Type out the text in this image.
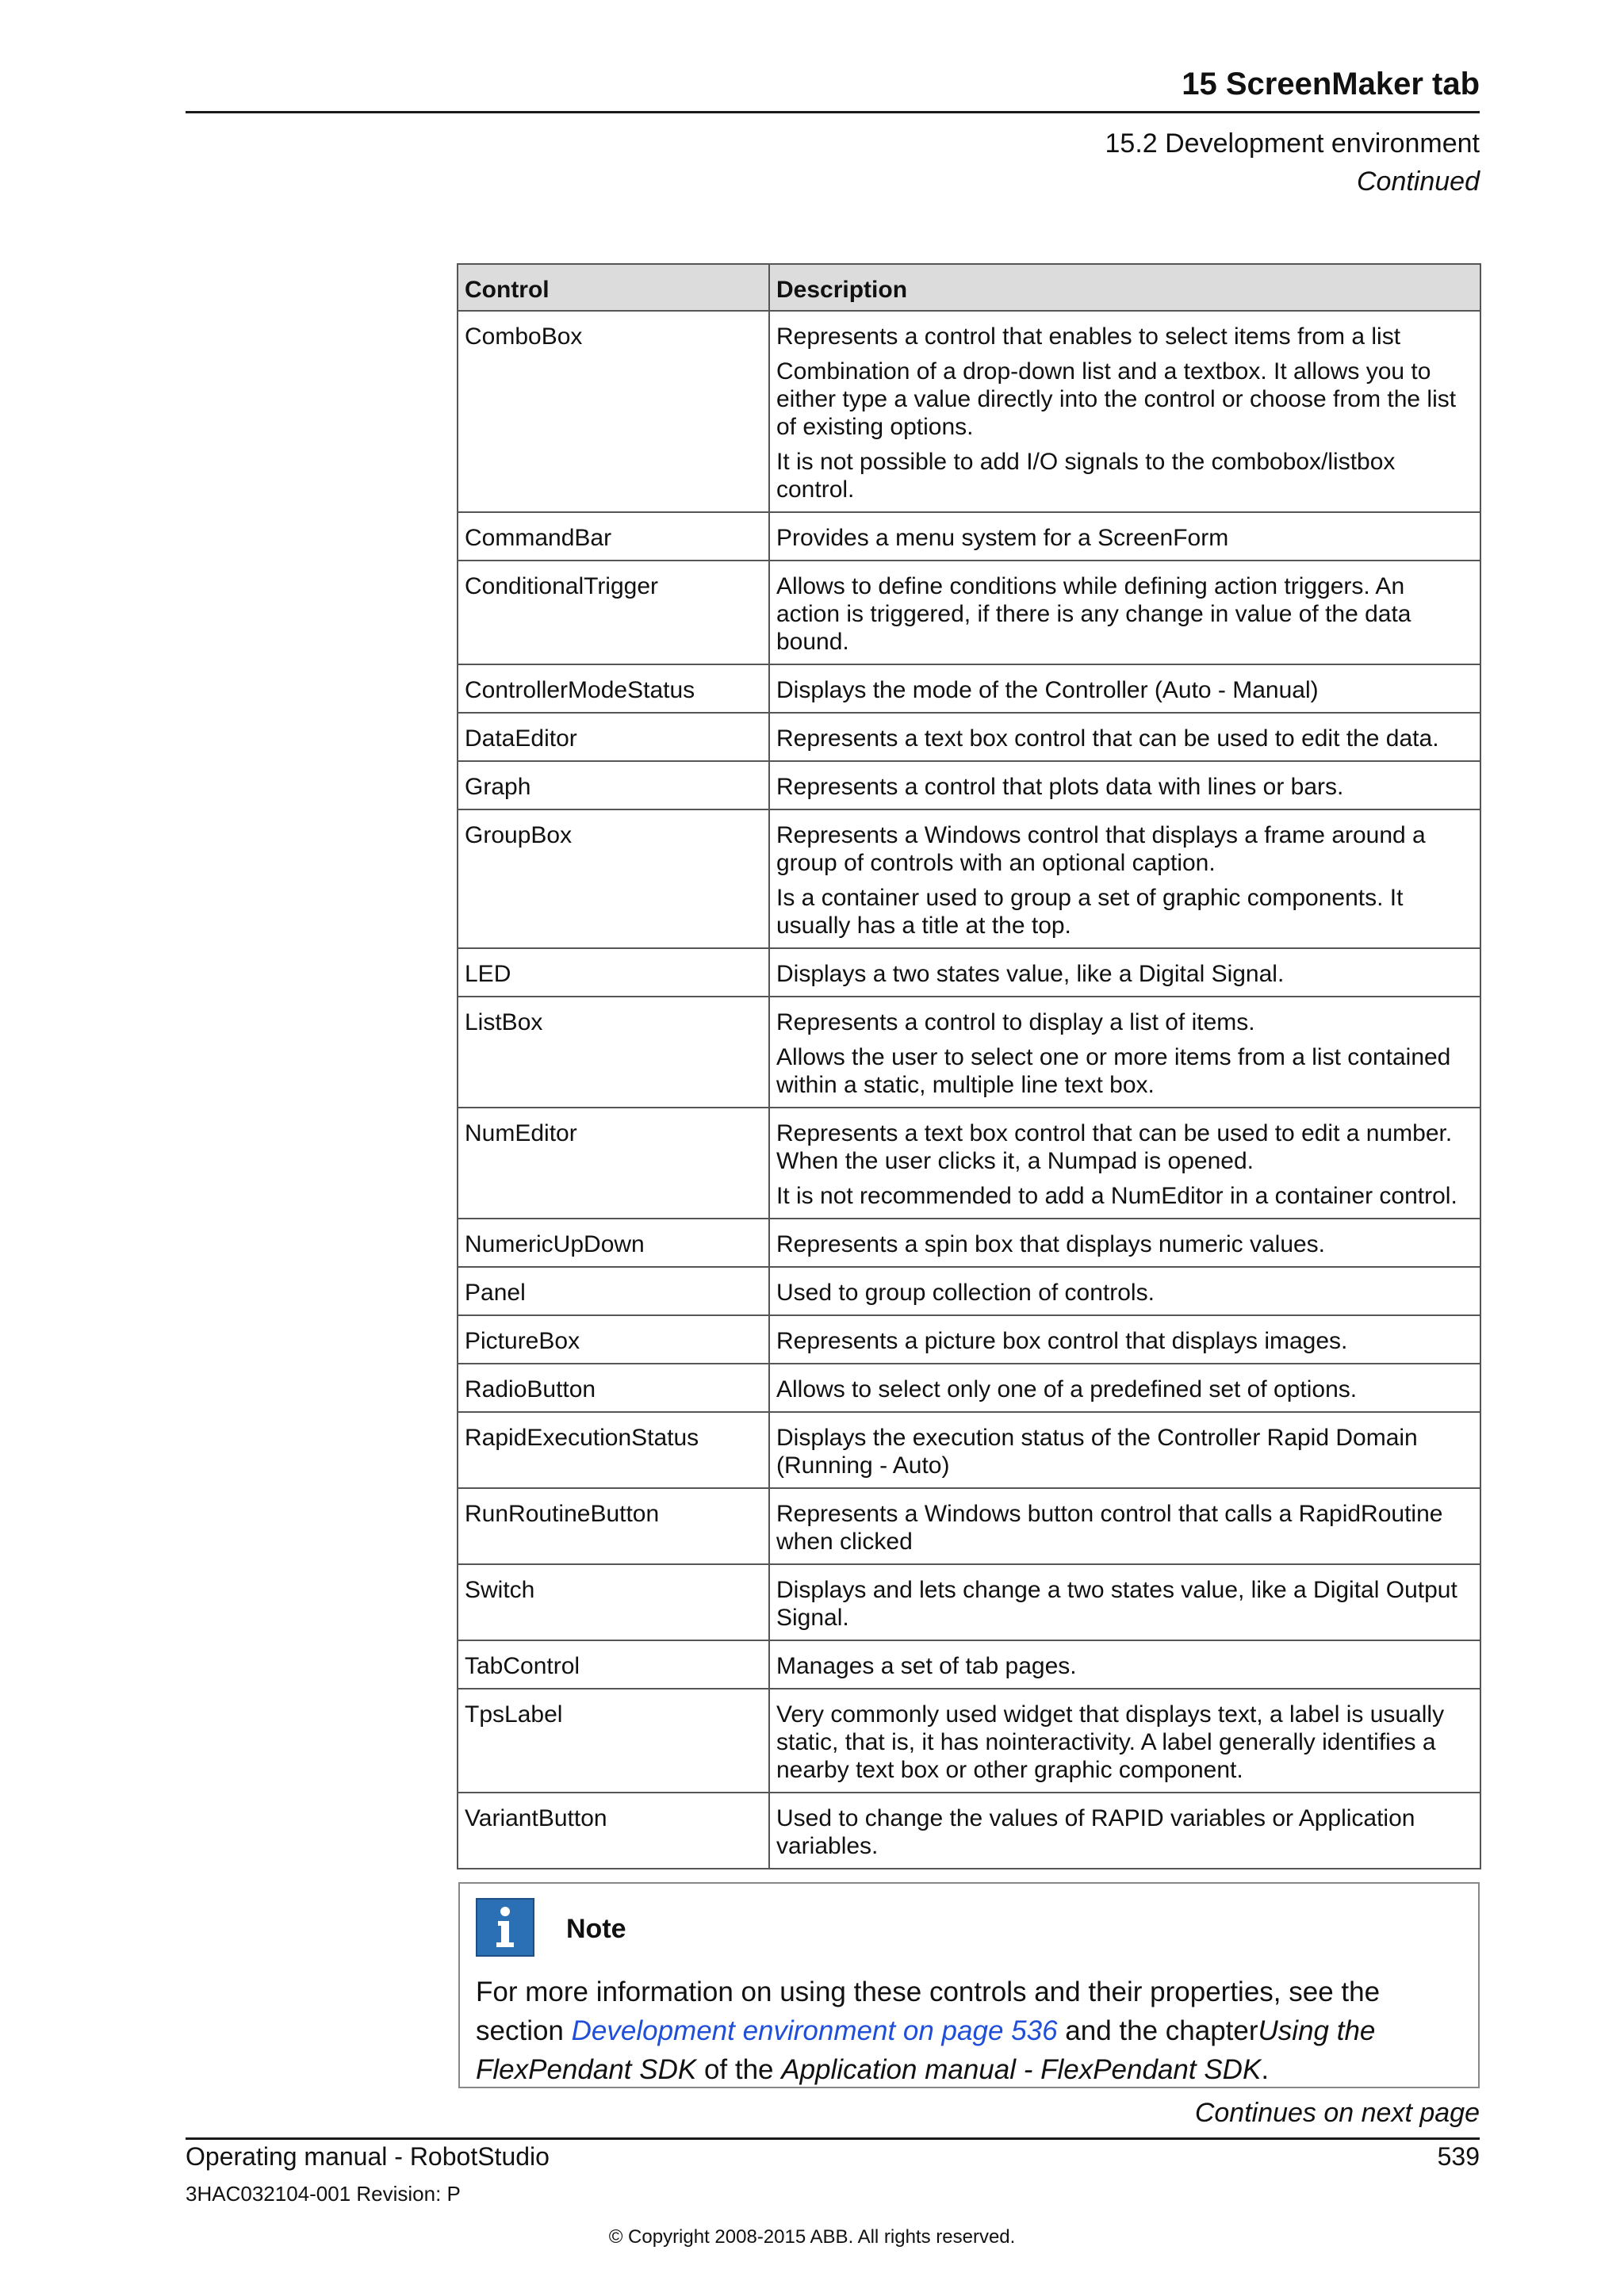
15 ScreenMaker tab
15.2 Development environment
Continued
Control	Description
ComboBox	Represents a control that enables to select items from a list

Combination of a drop-down list and a textbox. It allows you to either type a value directly into the control or choose from the list of existing options.

It is not possible to add I/O signals to the combobox/listbox control.

CommandBar	Provides a menu system for a ScreenForm

ConditionalTrigger	Allows to define conditions while defining action triggers. An action is triggered, if there is any change in value of the data bound.

ControllerModeStatus	Displays the mode of the Controller (Auto - Manual)

DataEditor	Represents a text box control that can be used to edit the data.

Graph	Represents a control that plots data with lines or bars.

GroupBox	Represents a Windows control that displays a frame around a group of controls with an optional caption.

Is a container used to group a set of graphic components. It usually has a title at the top.

LED	Displays a two states value, like a Digital Signal.

ListBox	Represents a control to display a list of items.

Allows the user to select one or more items from a list contained within a static, multiple line text box.

NumEditor	Represents a text box control that can be used to edit a number. When the user clicks it, a Numpad is opened.

It is not recommended to add a NumEditor in a container control.

NumericUpDown	Represents a spin box that displays numeric values.

Panel	Used to group collection of controls.

PictureBox	Represents a picture box control that displays images.

RadioButton	Allows to select only one of a predefined set of options.

RapidExecutionStatus	Displays the execution status of the Controller Rapid Domain (Running - Auto)

RunRoutineButton	Represents a Windows button control that calls a RapidRoutine when clicked

Switch	Displays and lets change a two states value, like a Digital Output Signal.

TabControl	Manages a set of tab pages.

TpsLabel	Very commonly used widget that displays text, a label is usually static, that is, it has nointeractivity. A label generally identifies a nearby text box or other graphic component.

VariantButton	Used to change the values of RAPID variables or Application variables.

Note
For more information on using these controls and their properties, see the section Development environment on page 536 and the chapterUsing the FlexPendant SDK of the Application manual - FlexPendant SDK.
Continues on next page
Operating manual - RobotStudio	539
3HAC032104-001 Revision: P
© Copyright 2008-2015 ABB. All rights reserved.
